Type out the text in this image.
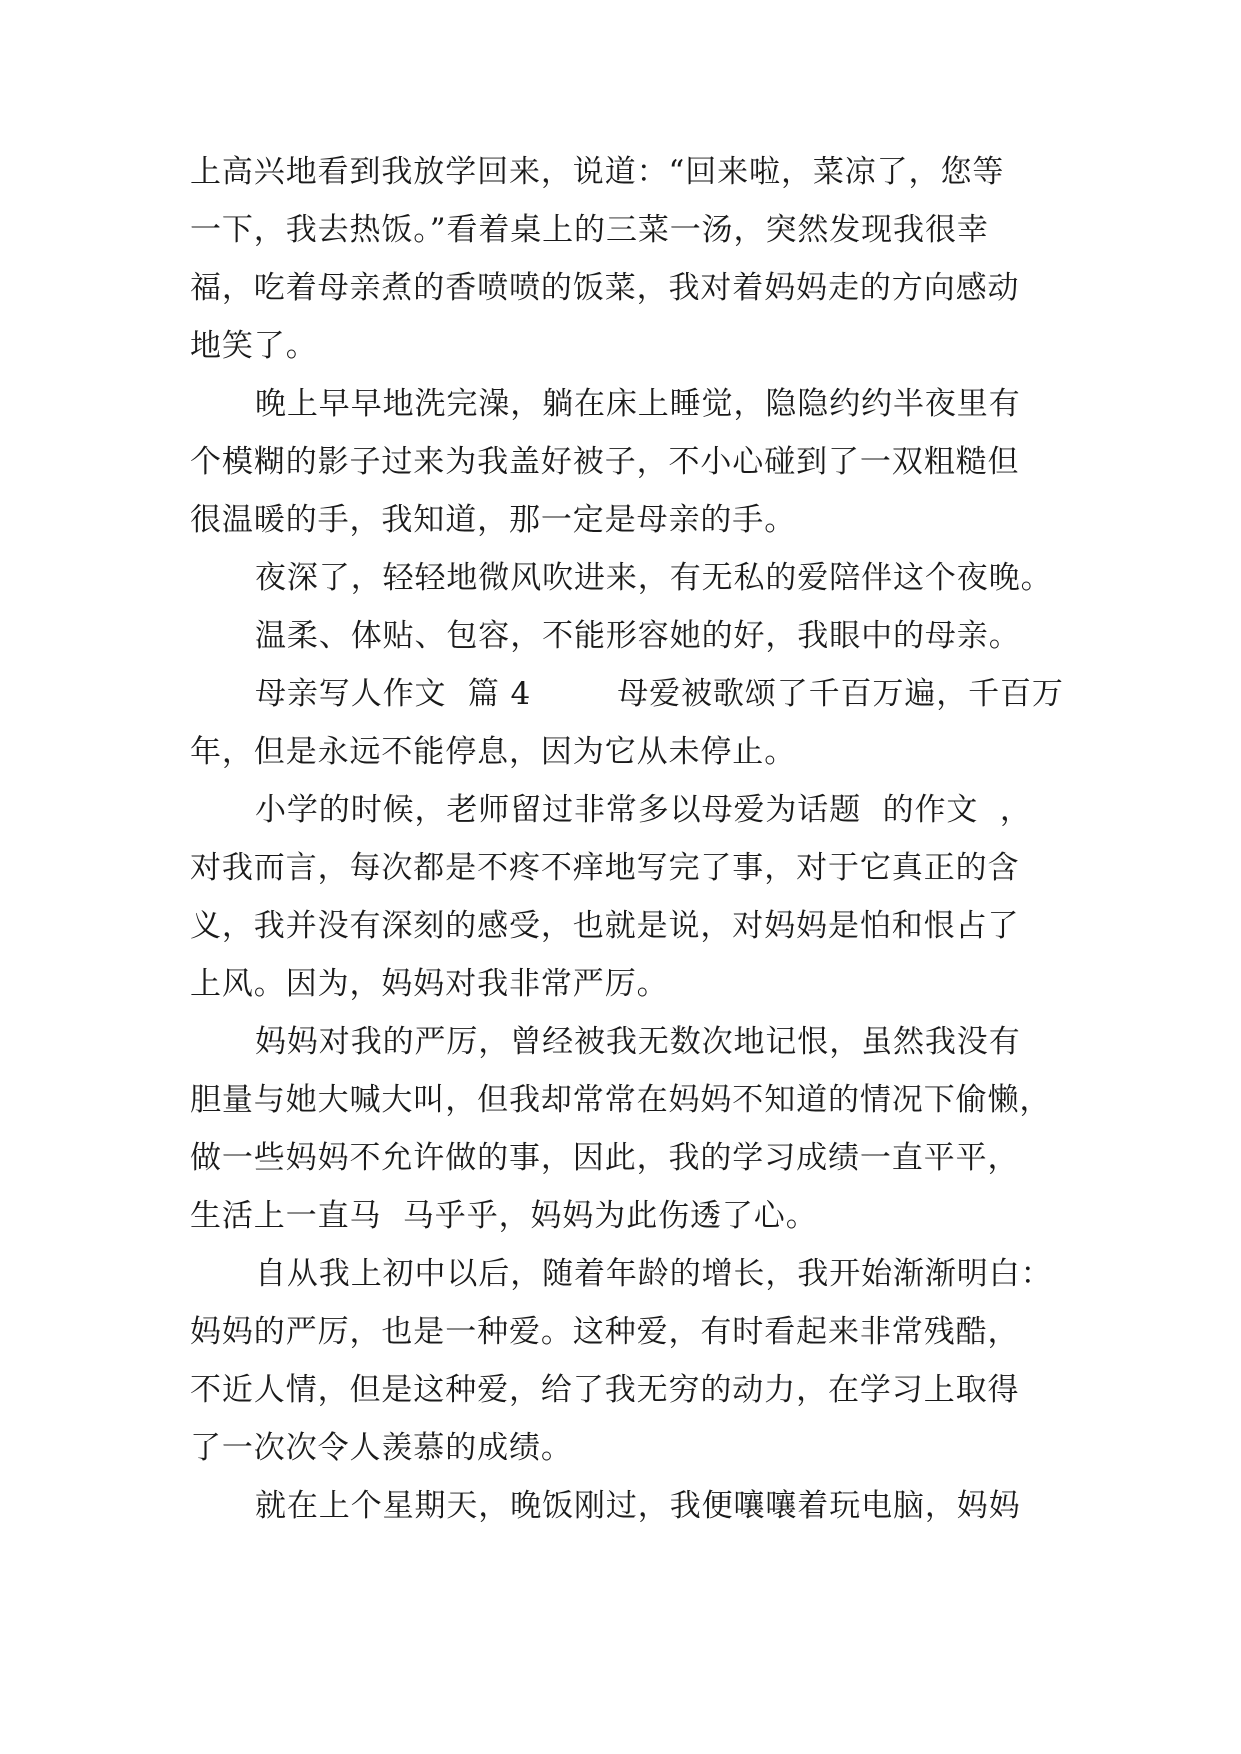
上高兴地看到我放学回来，说道：“回来啦，菜凉了，您等
一下，我去热饭。”看着桌上的三菜一汤，突然发现我很幸
福，吃着母亲煮的香喷喷的饭菜，我对着妈妈走的方向感动
地笑了。
晚上早早地洗完澡，躺在床上睡觉，隐隐约约半夜里有
个模糊的影子过来为我盖好被子，不小心碰到了一双粗糙但
很温暖的手，我知道，那一定是母亲的手。
夜深了，轻轻地微风吹进来，有无私的爱陪伴这个夜晚。
温柔、体贴、包容，不能形容她的好，我眼中的母亲。
母亲写人作文  篇 4        母爱被歌颂了千百万遍，千百万
年，但是永远不能停息，因为它从未停止。
小学的时候，老师留过非常多以母爱为话题  的作文  ，
对我而言，每次都是不疼不痒地写完了事，对于它真正的含
义，我并没有深刻的感受，也就是说，对妈妈是怕和恨占了
上风。因为，妈妈对我非常严厉。
妈妈对我的严厉，曾经被我无数次地记恨，虽然我没有
胆量与她大喊大叫，但我却常常在妈妈不知道的情况下偷懒，
做一些妈妈不允许做的事，因此，我的学习成绩一直平平，
生活上一直马  马乎乎，妈妈为此伤透了心。
自从我上初中以后，随着年龄的增长，我开始渐渐明白：
妈妈的严厉，也是一种爱。这种爱，有时看起来非常残酷，
不近人情，但是这种爱，给了我无穷的动力，在学习上取得
了一次次令人羡慕的成绩。
就在上个星期天，晚饭刚过，我便嚷嚷着玩电脑，妈妈
